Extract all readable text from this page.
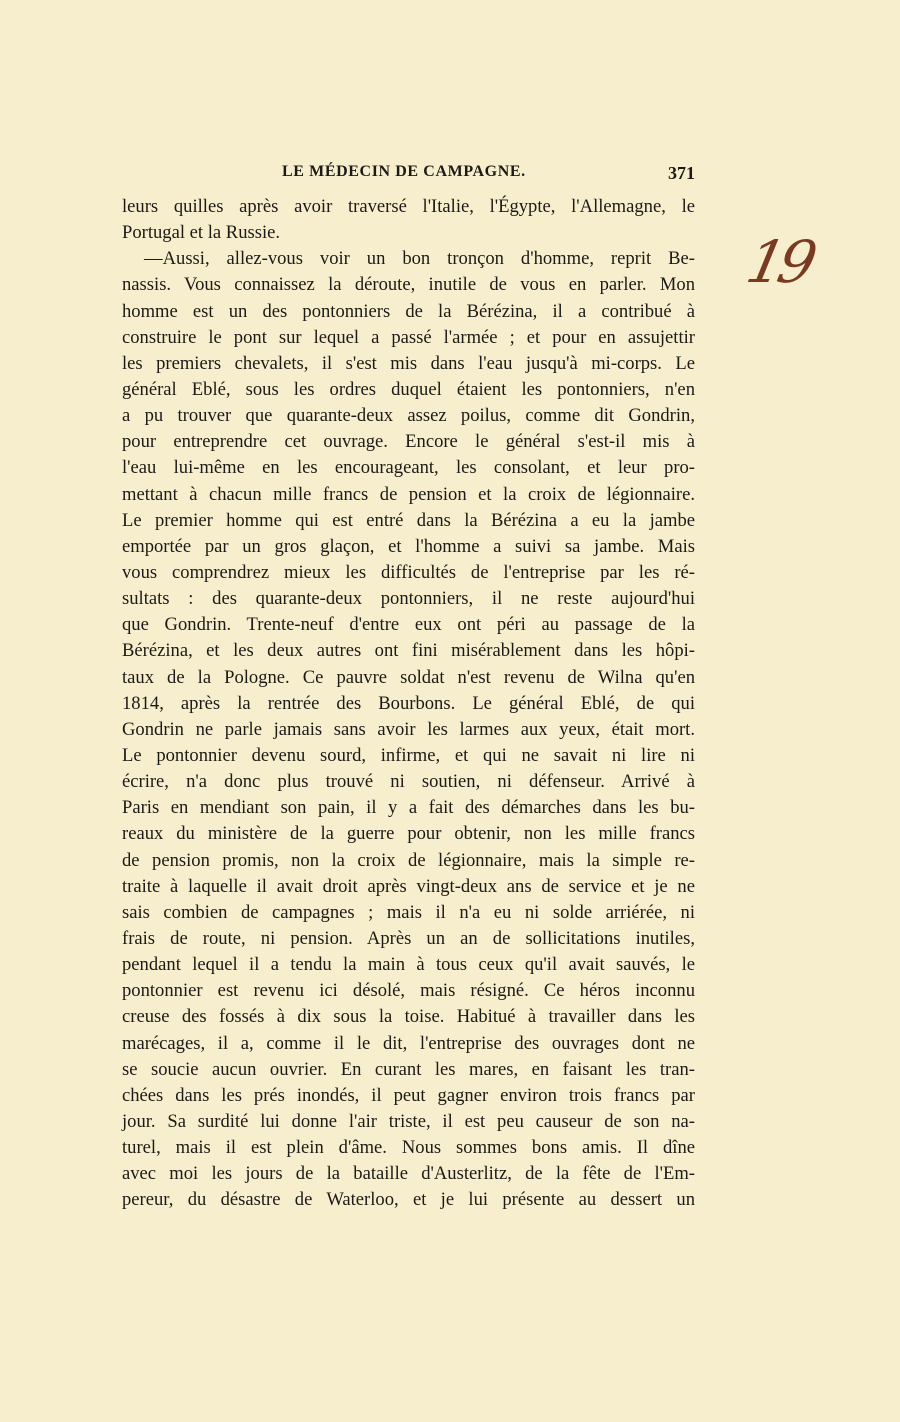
LE MÉDECIN DE CAMPAGNE.	371
19
leurs quilles après avoir traversé l'Italie, l'Égypte, l'Allemagne, le
Portugal et la Russie.
—Aussi, allez-vous voir un bon tronçon d'homme, reprit Be-
nassis. Vous connaissez la déroute, inutile de vous en parler. Mon
homme est un des pontonniers de la Bérézina, il a contribué à
construire le pont sur lequel a passé l'armée ; et pour en assujettir
les premiers chevalets, il s'est mis dans l'eau jusqu'à mi-corps. Le
général Eblé, sous les ordres duquel étaient les pontonniers, n'en
a pu trouver que quarante-deux assez poilus, comme dit Gondrin,
pour entreprendre cet ouvrage. Encore le général s'est-il mis à
l'eau lui-même en les encourageant, les consolant, et leur pro-
mettant à chacun mille francs de pension et la croix de légionnaire.
Le premier homme qui est entré dans la Bérézina a eu la jambe
emportée par un gros glaçon, et l'homme a suivi sa jambe. Mais
vous comprendrez mieux les difficultés de l'entreprise par les ré-
sultats : des quarante-deux pontonniers, il ne reste aujourd'hui
que Gondrin. Trente-neuf d'entre eux ont péri au passage de la
Bérézina, et les deux autres ont fini misérablement dans les hôpi-
taux de la Pologne. Ce pauvre soldat n'est revenu de Wilna qu'en
1814, après la rentrée des Bourbons. Le général Eblé, de qui
Gondrin ne parle jamais sans avoir les larmes aux yeux, était mort.
Le pontonnier devenu sourd, infirme, et qui ne savait ni lire ni
écrire, n'a donc plus trouvé ni soutien, ni défenseur. Arrivé à
Paris en mendiant son pain, il y a fait des démarches dans les bu-
reaux du ministère de la guerre pour obtenir, non les mille francs
de pension promis, non la croix de légionnaire, mais la simple re-
traite à laquelle il avait droit après vingt-deux ans de service et je ne
sais combien de campagnes ; mais il n'a eu ni solde arriérée, ni
frais de route, ni pension. Après un an de sollicitations inutiles,
pendant lequel il a tendu la main à tous ceux qu'il avait sauvés, le
pontonnier est revenu ici désolé, mais résigné. Ce héros inconnu
creuse des fossés à dix sous la toise. Habitué à travailler dans les
marécages, il a, comme il le dit, l'entreprise des ouvrages dont ne
se soucie aucun ouvrier. En curant les mares, en faisant les tran-
chées dans les prés inondés, il peut gagner environ trois francs par
jour. Sa surdité lui donne l'air triste, il est peu causeur de son na-
turel, mais il est plein d'âme. Nous sommes bons amis. Il dîne
avec moi les jours de la bataille d'Austerlitz, de la fête de l'Em-
pereur, du désastre de Waterloo, et je lui présente au dessert un
